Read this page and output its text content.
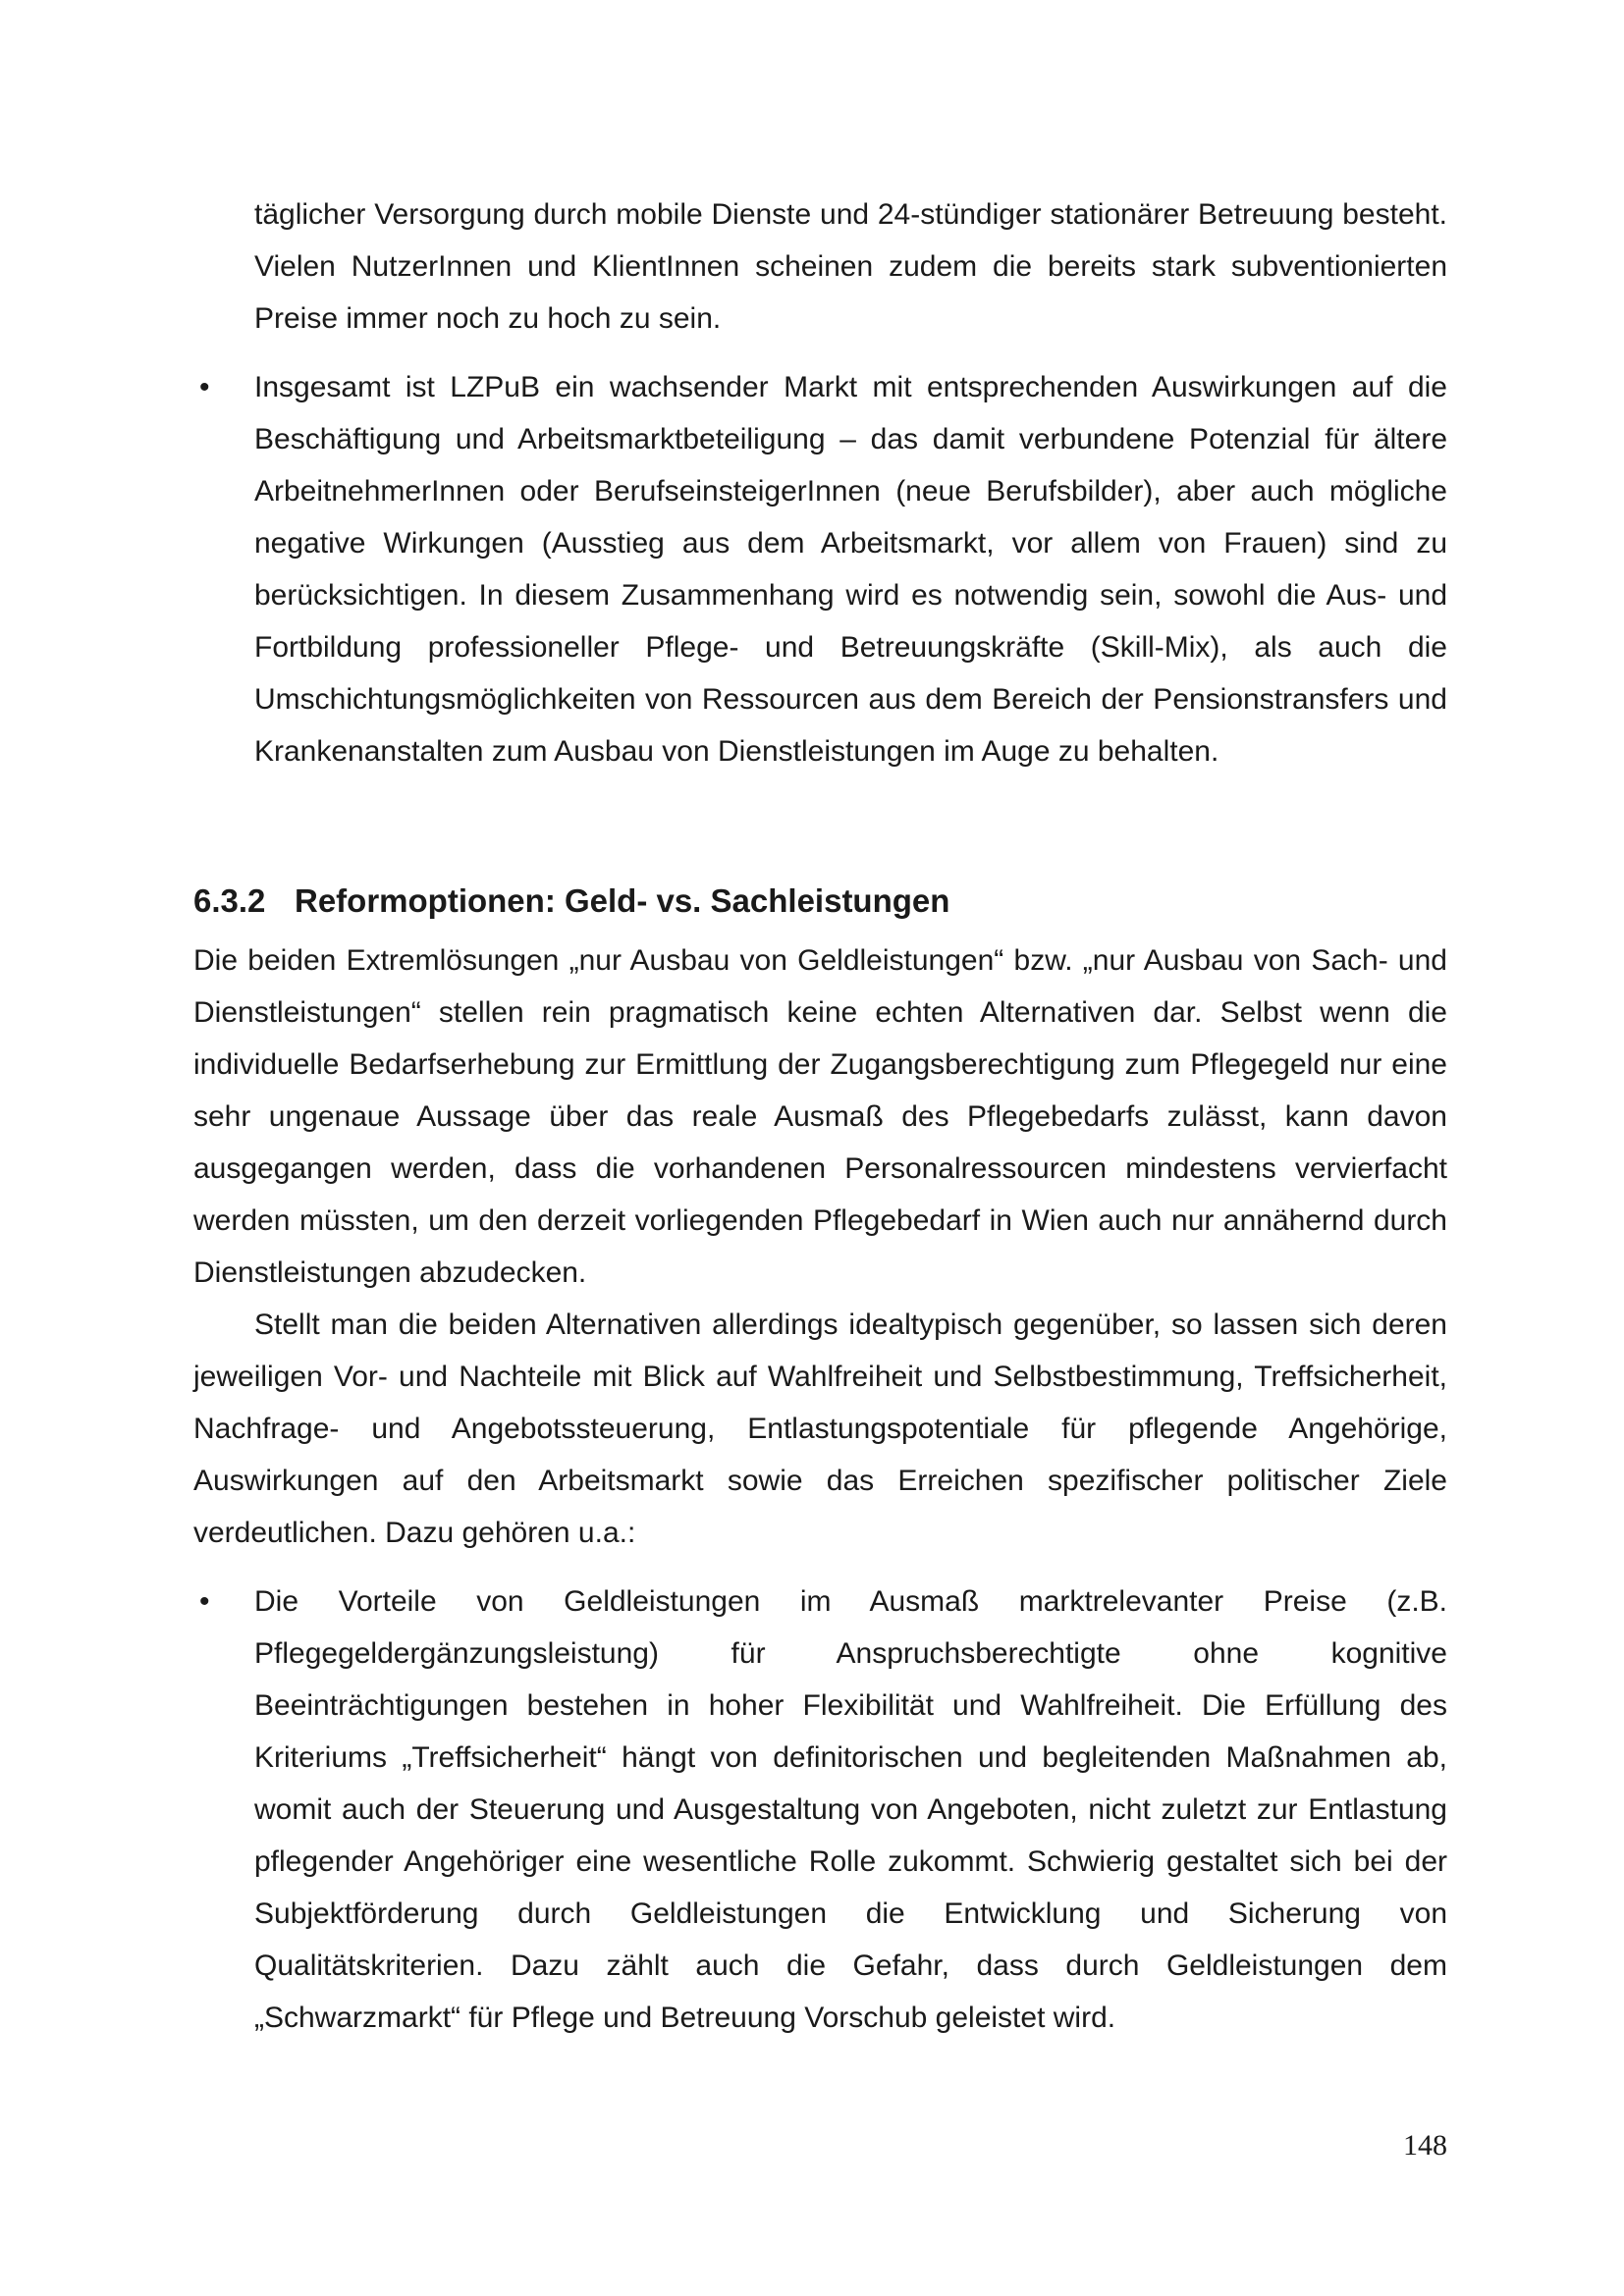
täglicher Versorgung durch mobile Dienste und 24-stündiger stationärer Betreuung besteht. Vielen NutzerInnen und KlientInnen scheinen zudem die bereits stark subventionierten Preise immer noch zu hoch zu sein.

• Insgesamt ist LZPuB ein wachsender Markt mit entsprechenden Auswirkungen auf die Beschäftigung und Arbeitsmarktbeteiligung – das damit verbundene Potenzial für ältere ArbeitnehmerInnen oder BerufseinsteigerInnen (neue Berufsbilder), aber auch mögliche negative Wirkungen (Ausstieg aus dem Arbeitsmarkt, vor allem von Frauen) sind zu berücksichtigen. In diesem Zusammenhang wird es notwendig sein, sowohl die Aus- und Fortbildung professioneller Pflege- und Betreuungskräfte (Skill-Mix), als auch die Umschichtungsmöglichkeiten von Ressourcen aus dem Bereich der Pensionstransfers und Krankenanstalten zum Ausbau von Dienstleistungen im Auge zu behalten.

6.3.2 Reformoptionen: Geld- vs. Sachleistungen

Die beiden Extremlösungen „nur Ausbau von Geldleistungen“ bzw. „nur Ausbau von Sach- und Dienstleistungen“ stellen rein pragmatisch keine echten Alternativen dar. Selbst wenn die individuelle Bedarfserhebung zur Ermittlung der Zugangsberechtigung zum Pflegegeld nur eine sehr ungenaue Aussage über das reale Ausmaß des Pflegebedarfs zulässt, kann davon ausgegangen werden, dass die vorhandenen Personalressourcen mindestens vervierfacht werden müssten, um den derzeit vorliegenden Pflegebedarf in Wien auch nur annähernd durch Dienstleistungen abzudecken.

Stellt man die beiden Alternativen allerdings idealtypisch gegenüber, so lassen sich deren jeweiligen Vor- und Nachteile mit Blick auf Wahlfreiheit und Selbstbestimmung, Treffsicherheit, Nachfrage- und Angebotssteuerung, Entlastungspotentiale für pflegende Angehörige, Auswirkungen auf den Arbeitsmarkt sowie das Erreichen spezifischer politischer Ziele verdeutlichen. Dazu gehören u.a.:

• Die Vorteile von Geldleistungen im Ausmaß marktrelevanter Preise (z.B. Pflegegeldergänzungsleistung) für Anspruchsberechtigte ohne kognitive Beeinträchtigungen bestehen in hoher Flexibilität und Wahlfreiheit. Die Erfüllung des Kriteriums „Treffsicherheit“ hängt von definitorischen und begleitenden Maßnahmen ab, womit auch der Steuerung und Ausgestaltung von Angeboten, nicht zuletzt zur Entlastung pflegender Angehöriger eine wesentliche Rolle zukommt. Schwierig gestaltet sich bei der Subjektförderung durch Geldleistungen die Entwicklung und Sicherung von Qualitätskriterien. Dazu zählt auch die Gefahr, dass durch Geldleistungen dem „Schwarzmarkt“ für Pflege und Betreuung Vorschub geleistet wird.

148
